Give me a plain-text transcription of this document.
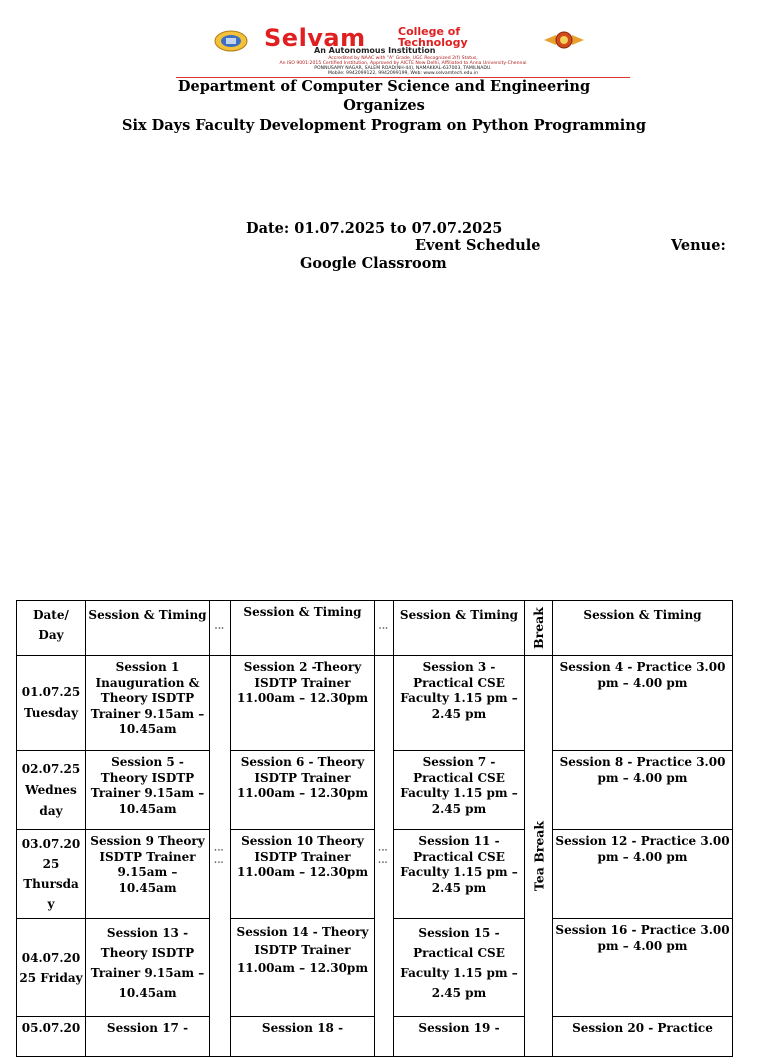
Selvam	College of
Technology
An Autonomous Institution
Accredited by NAAC with "A" Grade, UGC Recognized 2(f) Status,
An ISO 9001:2015 Certified Institution, Approved by AICTE New Delhi, Affiliated to Anna University-Chennai
PONNUSAMY NAGAR, SALEM ROAD(NH-44), NAMAKKAL-637003, TAMILNADU.
Mobile: 9942099122, 9942099199, Web: www.selvamtech.edu.in
Department of Computer Science and Engineering
Organizes
Six Days Faculty Development Program on Python Programming
Date: 01.07.2025 to 07.07.2025
Event Schedule	Venue:
Google Classroom
Date/ Day	Session & Timing	⋮	Session & Timing	⋮	Session & Timing	Break	Session & Timing
01.07.25 Tuesday	Session 1 Inauguration & Theory ISDTP Trainer 9.15am – 10.45am	⋮ ⋮	Session 2 -Theory ISDTP Trainer 11.00am – 12.30pm	⋮ ⋮	Session 3 - Practical CSE Faculty 1.15 pm – 2.45 pm	Tea Break	Session 4 - Practice 3.00 pm – 4.00 pm
02.07.25 Wednes day	Session 5 - Theory ISDTP Trainer 9.15am – 10.45am		Session 6 - Theory ISDTP Trainer 11.00am – 12.30pm		Session 7 - Practical CSE Faculty 1.15 pm – 2.45 pm		Session 8 - Practice 3.00 pm – 4.00 pm
03.07.20 25 Thursda y	Session 9 Theory ISDTP Trainer 9.15am – 10.45am		Session 10 Theory ISDTP Trainer 11.00am – 12.30pm		Session 11 - Practical CSE Faculty 1.15 pm – 2.45 pm		Session 12 - Practice 3.00 pm – 4.00 pm
04.07.20 25 Friday	Session 13 - Theory ISDTP Trainer 9.15am – 10.45am		Session 14 - Theory ISDTP Trainer 11.00am – 12.30pm		Session 15 - Practical CSE Faculty 1.15 pm – 2.45 pm		Session 16 - Practice 3.00 pm – 4.00 pm
05.07.20	Session 17 -		Session 18 -		Session 19 -		Session 20 - Practice
